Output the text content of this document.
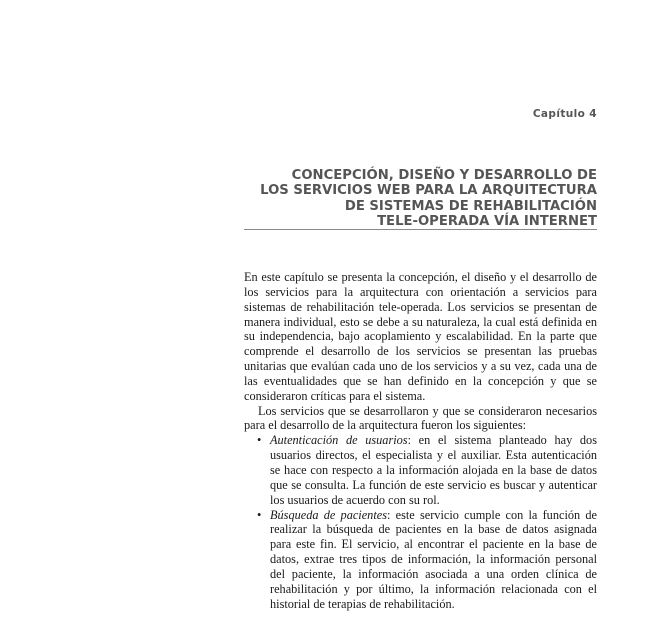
Capítulo 4
CONCEPCIÓN, DISEÑO Y DESARROLLO DE
LOS SERVICIOS WEB PARA LA ARQUITECTURA
DE SISTEMAS DE REHABILITACIÓN
TELE-OPERADA VÍA INTERNET

En este capítulo se presenta la concepción, el diseño y el desarrollo de los servicios para la arquitectura con orientación a servicios para sistemas de rehabilitación tele-operada. Los servicios se presentan de manera individual, esto se debe a su naturaleza, la cual está definida en su independencia, bajo acoplamiento y escalabilidad. En la parte que comprende el desarrollo de los servicios se presentan las pruebas unitarias que evalúan cada uno de los servicios y a su vez, cada una de las eventualidades que se han definido en la concepción y que se consideraron críticas para el sistema.

Los servicios que se desarrollaron y que se consideraron necesarios para el desarrollo de la arquitectura fueron los siguientes:

• Autenticación de usuarios: en el sistema planteado hay dos usuarios directos, el especialista y el auxiliar. Esta autenticación se hace con respecto a la información alojada en la base de datos que se consulta. La función de este servicio es buscar y autenticar los usuarios de acuerdo con su rol.
• Búsqueda de pacientes: este servicio cumple con la función de realizar la búsqueda de pacientes en la base de datos asignada para este fin. El servicio, al encontrar el paciente en la base de datos, extrae tres tipos de información, la información personal del paciente, la información asociada a una orden clínica de rehabilitación y por último, la información relacionada con el historial de terapias de rehabilitación.
